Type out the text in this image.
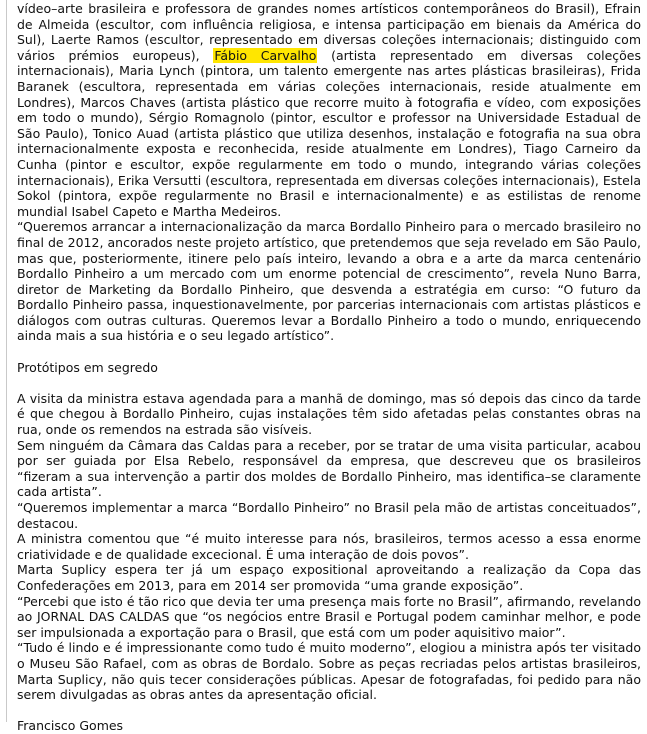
vídeo–arte brasileira e professora de grandes nomes artísticos contemporâneos do Brasil), Efrain de Almeida (escultor, com influência religiosa, e intensa participação em bienais da América do Sul), Laerte Ramos (escultor, representado em diversas coleções internacionais; distinguido com vários prémios europeus), Fábio Carvalho (artista representado em diversas coleções internacionais), Maria Lynch (pintora, um talento emergente nas artes plásticas brasileiras), Frida Baranek (escultora, representada em várias coleções internacionais, reside atualmente em Londres), Marcos Chaves (artista plástico que recorre muito à fotografia e vídeo, com exposições em todo o mundo), Sérgio Romagnolo (pintor, escultor e professor na Universidade Estadual de São Paulo), Tonico Auad (artista plástico que utiliza desenhos, instalação e fotografia na sua obra internacionalmente exposta e reconhecida, reside atualmente em Londres), Tiago Carneiro da Cunha (pintor e escultor, expõe regularmente em todo o mundo, integrando várias coleções internacionais), Erika Versutti (escultora, representada em diversas coleções internacionais), Estela Sokol (pintora, expõe regularmente no Brasil e internacionalmente) e as estilistas de renome mundial Isabel Capeto e Martha Medeiros.

“Queremos arrancar a internacionalização da marca Bordallo Pinheiro para o mercado brasileiro no final de 2012, ancorados neste projeto artístico, que pretendemos que seja revelado em São Paulo, mas que, posteriormente, itinere pelo país inteiro, levando a obra e a arte da marca centenário Bordallo Pinheiro a um mercado com um enorme potencial de crescimento”, revela Nuno Barra, diretor de Marketing da Bordallo Pinheiro, que desvenda a estratégia em curso: “O futuro da Bordallo Pinheiro passa, inquestionavelmente, por parcerias internacionais com artistas plásticos e diálogos com outras culturas. Queremos levar a Bordallo Pinheiro a todo o mundo, enriquecendo ainda mais a sua história e o seu legado artístico”.

Protótipos em segredo

A visita da ministra estava agendada para a manhã de domingo, mas só depois das cinco da tarde é que chegou à Bordallo Pinheiro, cujas instalações têm sido afetadas pelas constantes obras na rua, onde os remendos na estrada são visíveis.

Sem ninguém da Câmara das Caldas para a receber, por se tratar de uma visita particular, acabou por ser guiada por Elsa Rebelo, responsável da empresa, que descreveu que os brasileiros “fizeram a sua intervenção a partir dos moldes de Bordallo Pinheiro, mas identifica–se claramente cada artista”.

“Queremos implementar a marca “Bordallo Pinheiro” no Brasil pela mão de artistas conceituados”, destacou.

A ministra comentou que “é muito interesse para nós, brasileiros, termos acesso a essa enorme criatividade e de qualidade excecional. É uma interação de dois povos”.

Marta Suplicy espera ter já um espaço expositional aproveitando a realização da Copa das Confederações em 2013, para em 2014 ser promovida “uma grande exposição”.

“Percebi que isto é tão rico que devia ter uma presença mais forte no Brasil”, afirmando, revelando ao JORNAL DAS CALDAS que “os negócios entre Brasil e Portugal podem caminhar melhor, e pode ser impulsionada a exportação para o Brasil, que está com um poder aquisitivo maior”.

“Tudo é lindo e é impressionante como tudo é muito moderno”, elogiou a ministra após ter visitado o Museu São Rafael, com as obras de Bordalo. Sobre as peças recriadas pelos artistas brasileiros, Marta Suplicy, não quis tecer considerações públicas. Apesar de fotografadas, foi pedido para não serem divulgadas as obras antes da apresentação oficial.

Francisco Gomes
